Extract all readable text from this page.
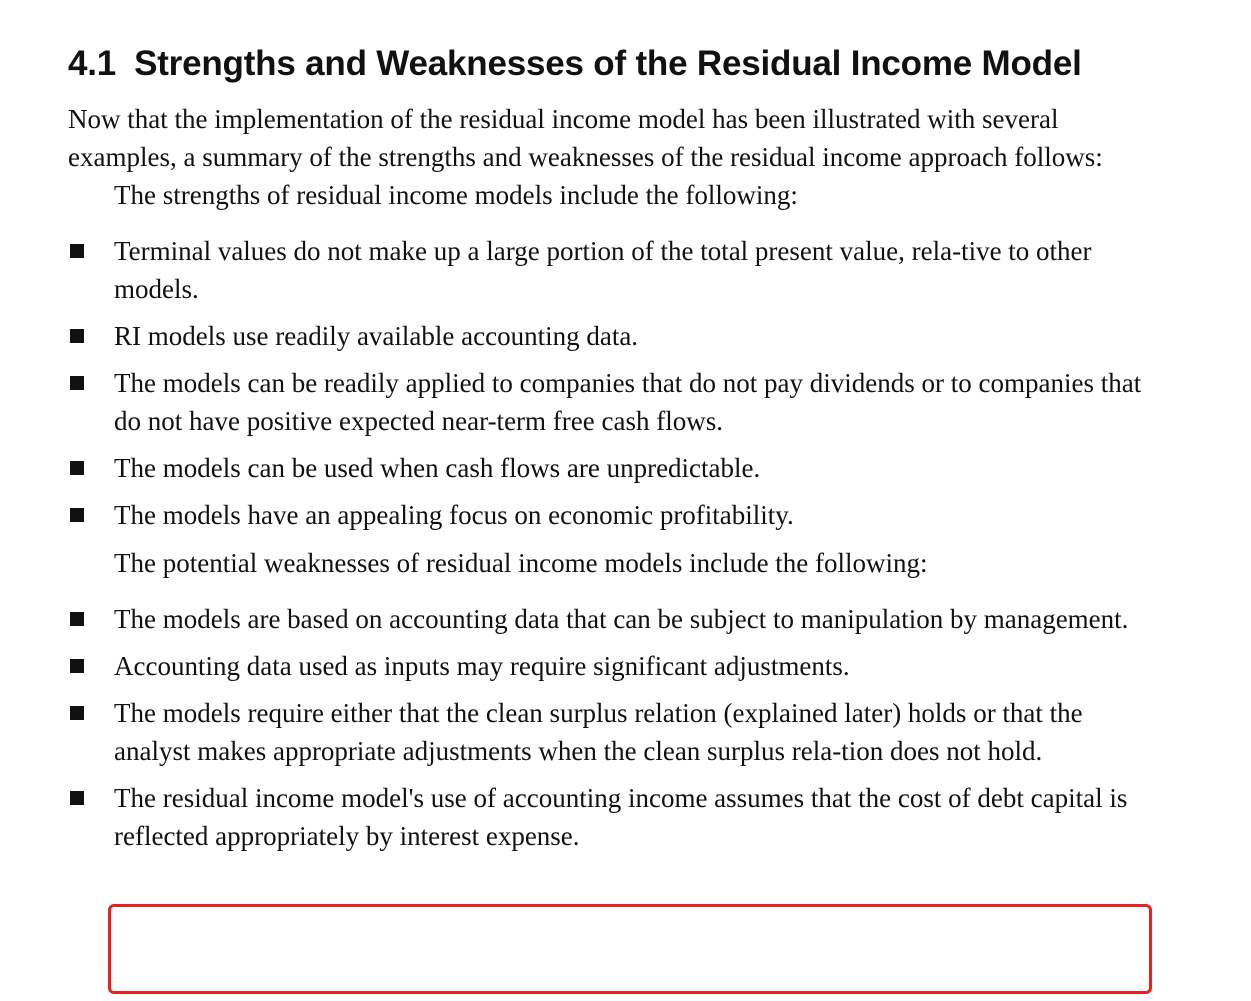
4.1 Strengths and Weaknesses of the Residual Income Model

Now that the implementation of the residual income model has been illustrated with several examples, a summary of the strengths and weaknesses of the residual income approach follows:

The strengths of residual income models include the following:

Terminal values do not make up a large portion of the total present value, rela-tive to other models.
RI models use readily available accounting data.
The models can be readily applied to companies that do not pay dividends or to companies that do not have positive expected near-term free cash flows.
The models can be used when cash flows are unpredictable.
The models have an appealing focus on economic profitability.

The potential weaknesses of residual income models include the following:

The models are based on accounting data that can be subject to manipulation by management.
Accounting data used as inputs may require significant adjustments.
The models require either that the clean surplus relation (explained later) holds or that the analyst makes appropriate adjustments when the clean surplus rela-tion does not hold.
The residual income model's use of accounting income assumes that the cost of debt capital is reflected appropriately by interest expense.
